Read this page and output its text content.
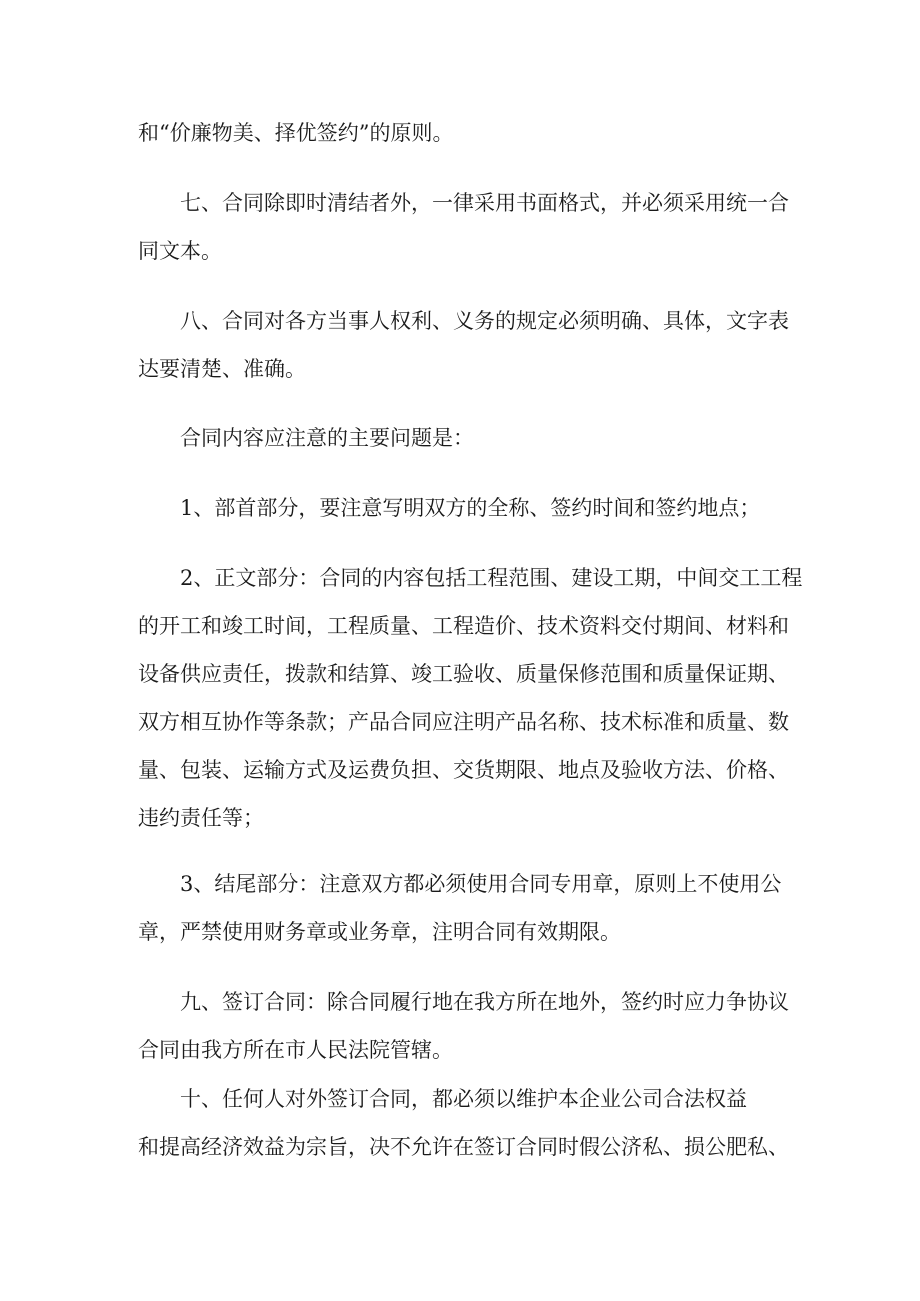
和“价廉物美、择优签约”的原则。

七、合同除即时清结者外，一律采用书面格式，并必须采用统一合
同文本。

八、合同对各方当事人权利、义务的规定必须明确、具体，文字表
达要清楚、准确。

合同内容应注意的主要问题是：

1、部首部分，要注意写明双方的全称、签约时间和签约地点；

2、正文部分：合同的内容包括工程范围、建设工期，中间交工工程
的开工和竣工时间，工程质量、工程造价、技术资料交付期间、材料和
设备供应责任，拨款和结算、竣工验收、质量保修范围和质量保证期、
双方相互协作等条款；产品合同应注明产品名称、技术标准和质量、数
量、包装、运输方式及运费负担、交货期限、地点及验收方法、价格、
违约责任等；

3、结尾部分：注意双方都必须使用合同专用章，原则上不使用公
章，严禁使用财务章或业务章，注明合同有效期限。

九、签订合同：除合同履行地在我方所在地外，签约时应力争协议
合同由我方所在市人民法院管辖。

十、任何人对外签订合同，都必须以维护本企业公司合法权益
和提高经济效益为宗旨，决不允许在签订合同时假公济私、损公肥私、
